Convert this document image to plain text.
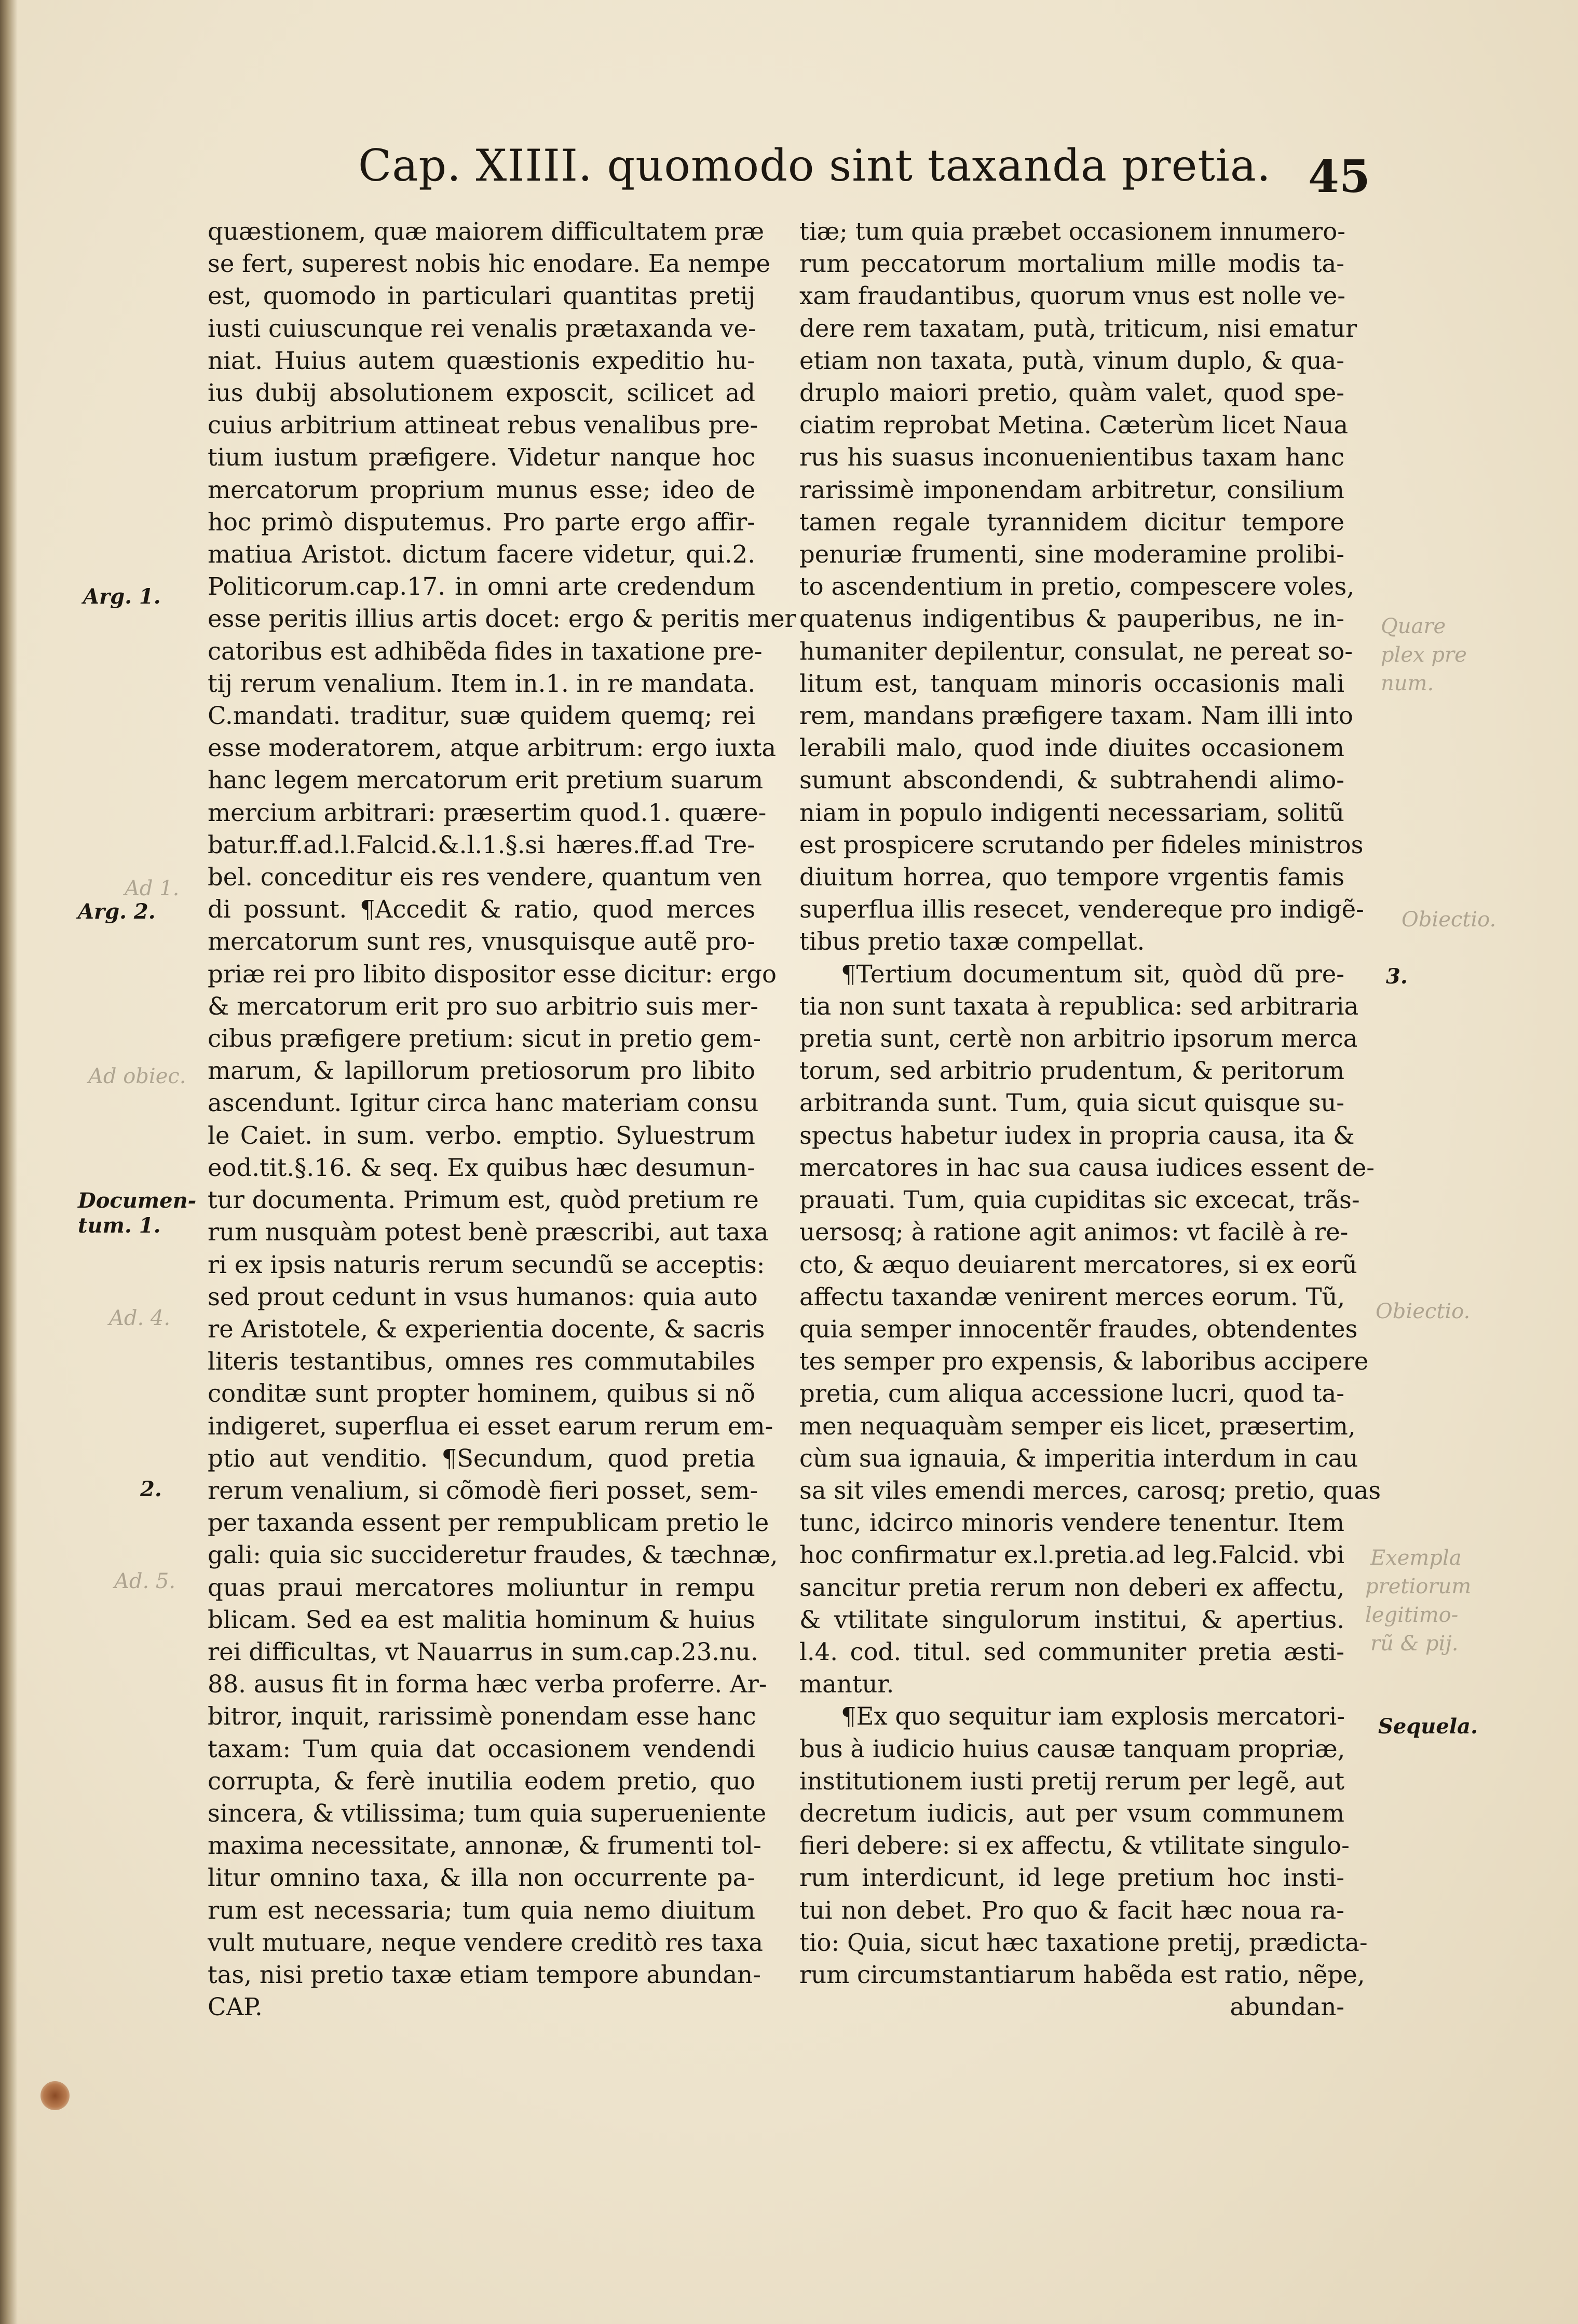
Cap. XIIII. quomodo sint taxanda pretia. 45
quæstionem, quæ maiorem difficultatem præ
se fert, superest nobis hic enodare. Ea nempe
est, quomodo in particulari quantitas pretij
iusti cuiuscunque rei venalis prætaxanda ve-
niat. Huius autem quæstionis expeditio hu-
ius dubij absolutionem exposcit, scilicet ad
cuius arbitrium attineat rebus venalibus pre-
tium iustum præfigere. Videtur nanque hoc
mercatorum proprium munus esse; ideo de
hoc primò disputemus. Pro parte ergo affir-
matiua Aristot. dictum facere videtur, qui.2.
Politicorum.cap.17. in omni arte credendum
esse peritis illius artis docet: ergo & peritis mer
catoribus est adhibẽda fides in taxatione pre-
tij rerum venalium. Item in.1. in re mandata.
C.mandati. traditur, suæ quidem quemq; rei
esse moderatorem, atque arbitrum: ergo iuxta
hanc legem mercatorum erit pretium suarum
mercium arbitrari: præsertim quod.1. quære-
batur.ff.ad.l.Falcid.&.l.1.§.si hæres.ff.ad Tre-
bel. conceditur eis res vendere, quantum ven
di possunt. ¶Accedit & ratio, quod merces
mercatorum sunt res, vnusquisque autẽ pro-
priæ rei pro libito dispositor esse dicitur: ergo
& mercatorum erit pro suo arbitrio suis mer-
cibus præfigere pretium: sicut in pretio gem-
marum, & lapillorum pretiosorum pro libito
ascendunt. Igitur circa hanc materiam consu
le Caiet. in sum. verbo. emptio. Syluestrum
eod.tit.§.16. & seq. Ex quibus hæc desumun-
tur documenta. Primum est, quòd pretium re
rum nusquàm potest benè præscribi, aut taxa
ri ex ipsis naturis rerum secundũ se acceptis:
sed prout cedunt in vsus humanos: quia auto
re Aristotele, & experientia docente, & sacris
literis testantibus, omnes res commutabiles
conditæ sunt propter hominem, quibus si nõ
indigeret, superflua ei esset earum rerum em-
ptio aut venditio. ¶Secundum, quod pretia
rerum venalium, si cõmodè fieri posset, sem-
per taxanda essent per rempublicam pretio le
gali: quia sic succideretur fraudes, & tæchnæ,
quas praui mercatores moliuntur in rempu
blicam. Sed ea est malitia hominum & huius
rei difficultas, vt Nauarrus in sum.cap.23.nu.
88. ausus fit in forma hæc verba proferre. Ar-
bitror, inquit, rarissimè ponendam esse hanc
taxam: Tum quia dat occasionem vendendi
corrupta, & ferè inutilia eodem pretio, quo
sincera, & vtilissima; tum quia superueniente
maxima necessitate, annonæ, & frumenti tol-
litur omnino taxa, & illa non occurrente pa-
rum est necessaria; tum quia nemo diuitum
vult mutuare, neque vendere creditò res taxa
tas, nisi pretio taxæ etiam tempore abundan-
CAP.
tiæ; tum quia præbet occasionem innumero-
rum peccatorum mortalium mille modis ta-
xam fraudantibus, quorum vnus est nolle ve-
dere rem taxatam, putà, triticum, nisi ematur
etiam non taxata, putà, vinum duplo, & qua-
druplo maiori pretio, quàm valet, quod spe-
ciatim reprobat Metina. Cæterùm licet Naua
rus his suasus inconuenientibus taxam hanc
rarissimè imponendam arbitretur, consilium
tamen regale tyrannidem dicitur tempore
penuriæ frumenti, sine moderamine prolibi-
to ascendentium in pretio, compescere voles,
quatenus indigentibus & pauperibus, ne in-
humaniter depilentur, consulat, ne pereat so-
litum est, tanquam minoris occasionis mali
rem, mandans præfigere taxam. Nam illi into
lerabili malo, quod inde diuites occasionem
sumunt abscondendi, & subtrahendi alimo-
niam in populo indigenti necessariam, solitũ
est prospicere scrutando per fideles ministros
diuitum horrea, quo tempore vrgentis famis
superflua illis resecet, vendereque pro indigẽ-
tibus pretio taxæ compellat.
¶Tertium documentum sit, quòd dũ pre-
tia non sunt taxata à republica: sed arbitraria
pretia sunt, certè non arbitrio ipsorum merca
torum, sed arbitrio prudentum, & peritorum
arbitranda sunt. Tum, quia sicut quisque su-
spectus habetur iudex in propria causa, ita &
mercatores in hac sua causa iudices essent de-
prauati. Tum, quia cupiditas sic excecat, trãs-
uersosq; à ratione agit animos: vt facilè à re-
cto, & æquo deuiarent mercatores, si ex eorũ
affectu taxandæ venirent merces eorum. Tũ,
quia semper innocentẽr fraudes, obtendentes
tes semper pro expensis, & laboribus accipere
pretia, cum aliqua accessione lucri, quod ta-
men nequaquàm semper eis licet, præsertim,
cùm sua ignauia, & imperitia interdum in cau
sa sit viles emendi merces, carosq; pretio, quas
tunc, idcirco minoris vendere tenentur. Item
hoc confirmatur ex.l.pretia.ad leg.Falcid. vbi
sancitur pretia rerum non deberi ex affectu,
& vtilitate singulorum institui, & apertius.
l.4. cod. titul. sed communiter pretia æsti-
mantur.
¶Ex quo sequitur iam explosis mercatori-
bus à iudicio huius causæ tanquam propriæ,
institutionem iusti pretij rerum per legẽ, aut
decretum iudicis, aut per vsum communem
fieri debere: si ex affectu, & vtilitate singulo-
rum interdicunt, id lege pretium hoc insti-
tui non debet. Pro quo & facit hæc noua ra-
tio: Quia, sicut hæc taxatione pretij, prædicta-
rum circumstantiarum habẽda est ratio, nẽpe,
abundan-
Arg. 1.
Ad 1.
Arg. 2.
Ad obiec.
Documen-
tum. 1.
Ad. 4.
2.
Ad. 5.
Quare
plex pre
num.
Obiectio.
3.
Obiectio.
Exempla
pretiorum
legitimo-
rũ & pij.
Sequela.
